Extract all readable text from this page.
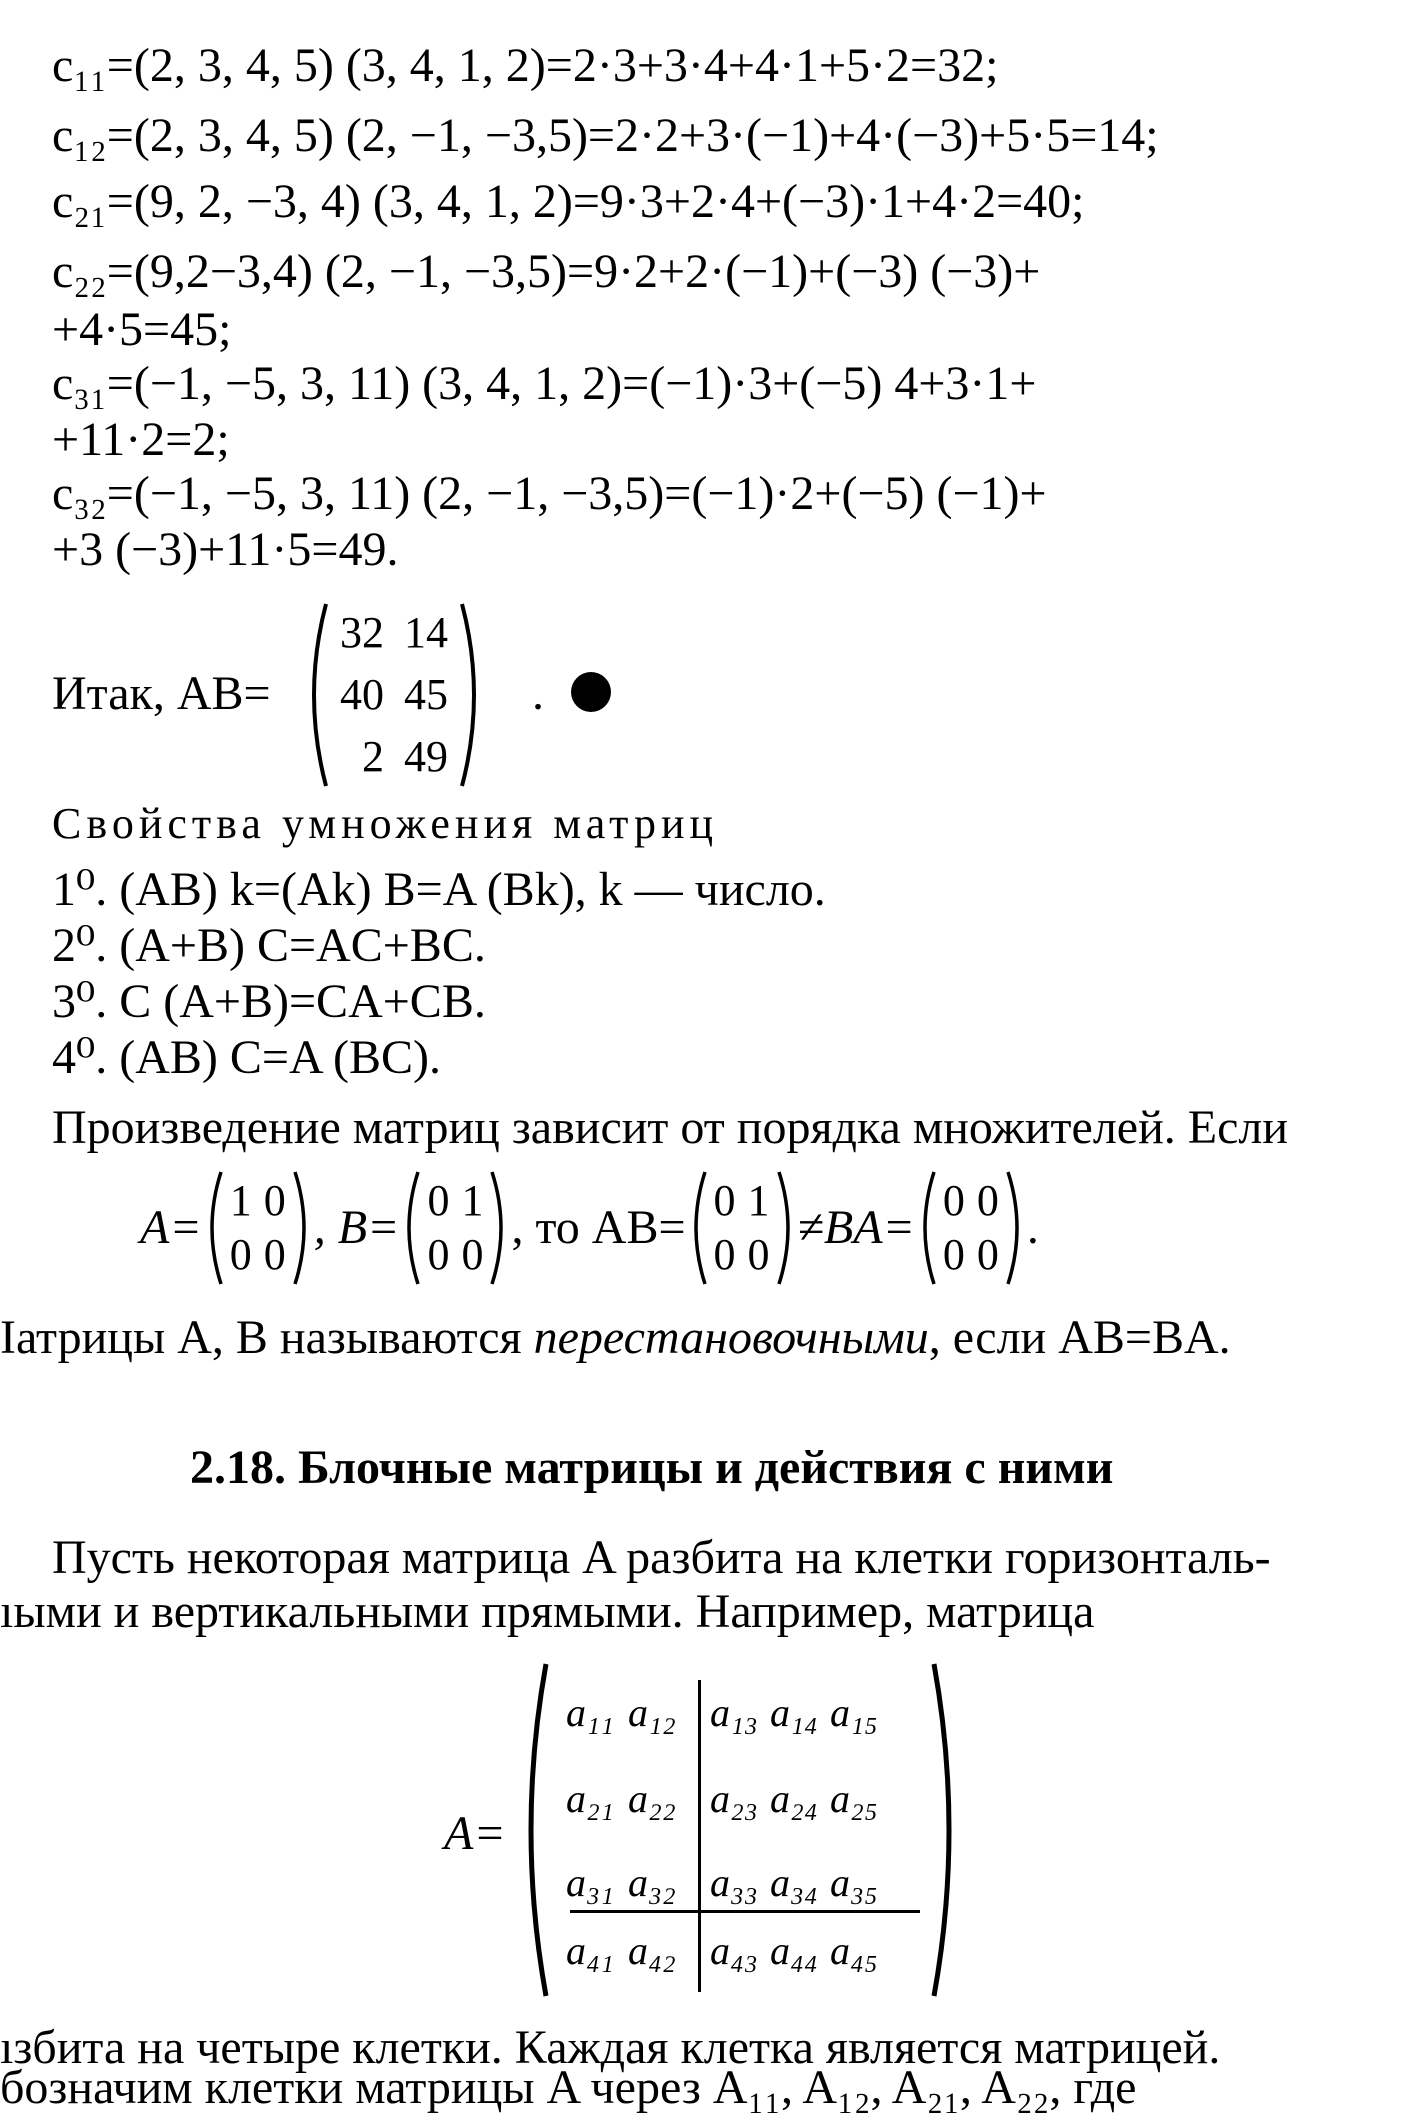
c₁₁=(2, 3, 4, 5) (3, 4, 1, 2)=2·3+3·4+4·1+5·2=32;
c₁₂=(2, 3, 4, 5) (2, −1, −3,5)=2·2+3·(−1)+4·(−3)+5·5=14;
c₂₁=(9, 2, −3, 4) (3, 4, 1, 2)=9·3+2·4+(−3)·1+4·2=40;
c₂₂=(9,2−3,4) (2, −1, −3,5)=9·2+2·(−1)+(−3) (−3)+
+4·5=45;
c₃₁=(−1, −5, 3, 11) (3, 4, 1, 2)=(−1)·3+(−5) 4+3·1+
+11·2=2;
c₃₂=(−1, −5, 3, 11) (2, −1, −3,5)=(−1)·2+(−5) (−1)+
+3 (−3)+11·5=49.
Итак, AB=
32	14
40	45
2	49
.
Свойства умножения матриц
1⁰. (AB) k=(Ak) B=A (Bk), k — число.
2⁰. (A+B) C=AC+BC.
3⁰. C (A+B)=CA+CB.
4⁰. (AB) C=A (BC).
Произведение матриц зависит от порядка множителей. Если
A=
1	0
0	0
, B=
0	1
0	0
, то AB=
0	1
0	0
≠BA=
0	0
0	0
.
Iатрицы A, B называются перестановочными, если AB=BA.
2.18. Блочные матрицы и действия с ними
Пусть некоторая матрица A разбита на клетки горизонталь-
ıыми и вертикальными прямыми. Например, матрица
A=
a₁₁ a₁₂ a₁₃ a₁₄ a₁₅
a₂₁ a₂₂ a₂₃ a₂₄ a₂₅
a₃₁ a₃₂ a₃₃ a₃₄ a₃₅
a₄₁ a₄₂ a₄₃ a₄₄ a₄₅
ıзбита на четыре клетки. Каждая клетка является матрицей.
бозначим клетки матрицы A через A₁₁, A₁₂, A₂₁, A₂₂, где
